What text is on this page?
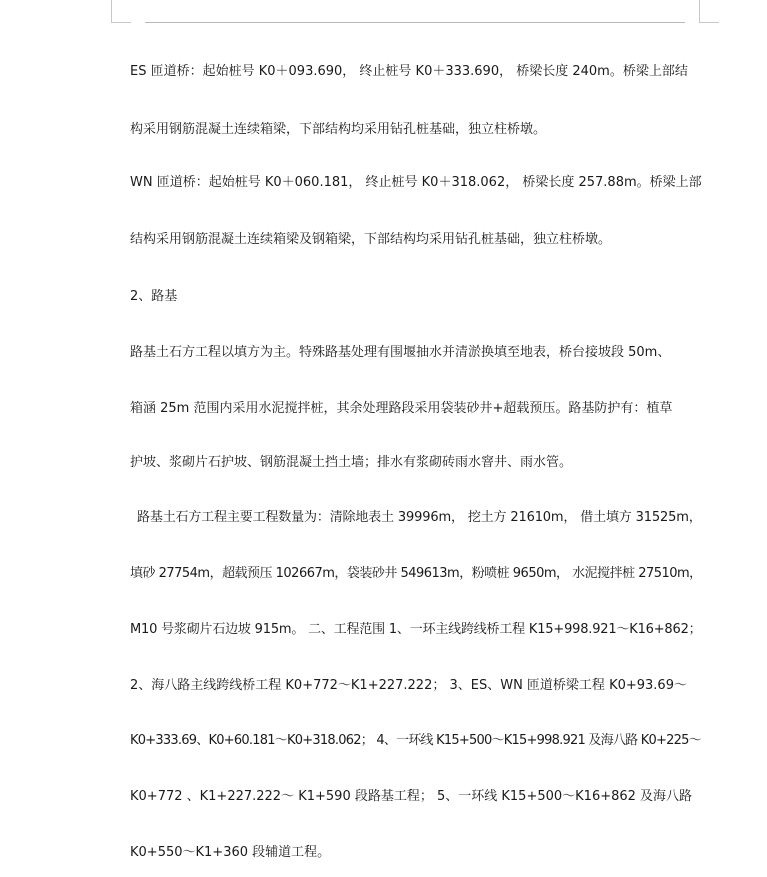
ES 匝道桥：起始桩号 K0＋093.690， 终止桩号 K0＋333.690， 桥梁长度 240m。桥梁上部结
构采用钢筋混凝土连续箱梁，下部结构均采用钻孔桩基础，独立柱桥墩。
WN 匝道桥：起始桩号 K0＋060.181， 终止桩号 K0＋318.062， 桥梁长度 257.88m。桥梁上部
结构采用钢筋混凝土连续箱梁及钢箱梁，下部结构均采用钻孔桩基础，独立柱桥墩。
2、路基
路基土石方工程以填方为主。特殊路基处理有围堰抽水并清淤换填至地表，桥台接坡段 50m、
箱涵 25m 范围内采用水泥搅拌桩，其余处理路段采用袋装砂井+超载预压。路基防护有：植草
护坡、浆砌片石护坡、钢筋混凝土挡土墙；排水有浆砌砖雨水窨井、雨水管。
路基土石方工程主要工程数量为：清除地表土 39996m， 挖土方 21610m， 借土填方 31525m，
填砂 27754m，超载预压 102667m，袋装砂井 549613m，粉喷桩 9650m， 水泥搅拌桩 27510m，
M10 号浆砌片石边坡 915m。 二、工程范围 1、一环主线跨线桥工程 K15+998.921～K16+862；
2、海八路主线跨线桥工程 K0+772～K1+227.222； 3、ES、WN 匝道桥梁工程 K0+93.69～
K0+333.69、K0+60.181～K0+318.062； 4、一环线 K15+500～K15+998.921 及海八路 K0+225～
K0+772 、K1+227.222～ K1+590 段路基工程； 5、一环线 K15+500～K16+862 及海八路
K0+550～K1+360 段辅道工程。
